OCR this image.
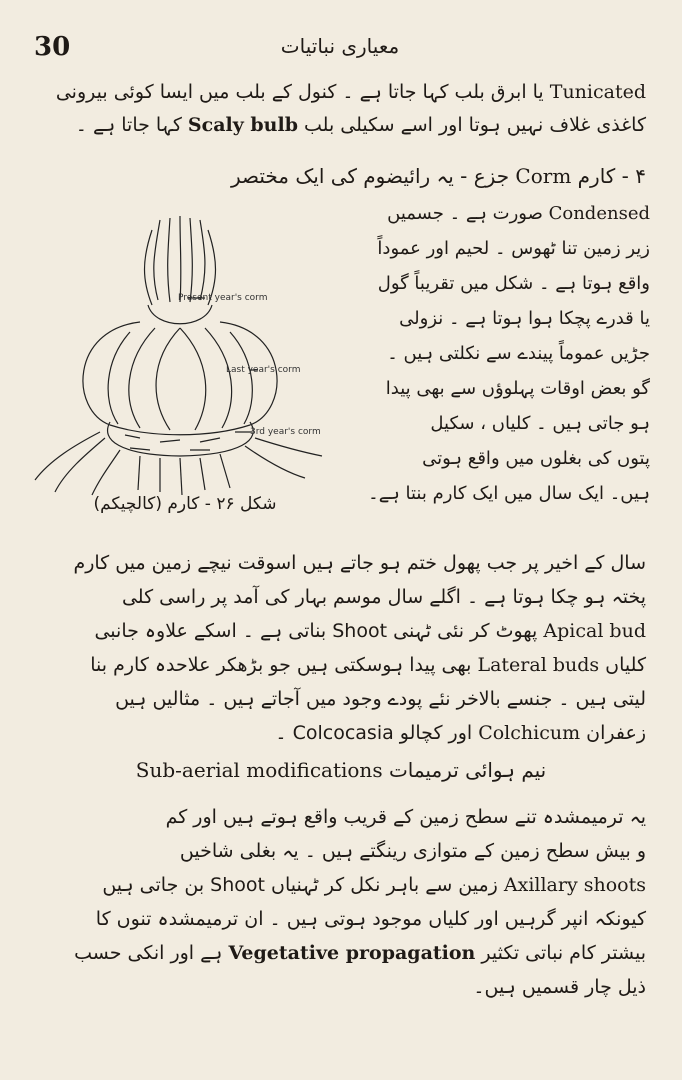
30	معیاری نباتیات

Tunicated یا ابرق بلب کہا جاتا ہے ۔ کنول کے بلب میں ایسا کوئی بیرونی

کاغذی غلاف نہیں ہوتا اور اسے سکیلی بلب Scaly bulb کہا جاتا ہے ۔

۴ - کارم Corm جزع - یہ رائیضوم کی ایک مختصر

Condensed صورت ہے ۔ جسمیں

زیر زمین تنا ٹھوس ۔ لحیم اور عموداً

واقع ہوتا ہے ۔ شکل میں تقریباً گول

یا قدرے پچکا ہوا ہوتا ہے ۔ نزولی

جڑیں عموماً پیندے سے نکلتی ہیں ۔

گو بعض اوقات پہلوؤں سے بھی پیدا

ہو جاتی ہیں ۔ کلیاں ، سکیل

پتوں کی بغلوں میں واقع ہوتی

ہیں۔ ایک سال میں ایک کارم بنتا ہے۔

Present year's corm
Last year's corm
3rd year's corm
شکل ۲۶ - کارم (کالچیکم)

سال کے اخیر پر جب پھول ختم ہو جاتے ہیں اسوقت نیچے زمین میں کارم

پختہ ہو چکا ہوتا ہے ۔ اگلے سال موسم بہار کی آمد پر راسی کلی

Apical bud پھوٹ کر نئی ٹہنی Shoot بناتی ہے ۔ اسکے علاوہ جانبی

کلیاں Lateral buds بھی پیدا ہوسکتی ہیں جو بڑھکر علاحدہ کارم بنا

لیتی ہیں ۔ جنسے بالاخر نئے پودے وجود میں آجاتے ہیں ۔ مثالیں ہیں

زعفران Colchicum اور کچالو Colcocasia ۔

نیم ہوائی ترمیمات Sub-aerial modifications

یہ ترمیمشدہ تنے سطح زمین کے قریب واقع ہوتے ہیں اور کم

و بیش سطح زمین کے متوازی رینگتے ہیں ۔ یہ بغلی شاخیں

Axillary shoots زمین سے باہر نکل کر ٹہنیاں Shoot بن جاتی ہیں

کیونکہ انپر گرہیں اور کلیاں موجود ہوتی ہیں ۔ ان ترمیمشدہ تنوں کا

بیشتر کام نباتی تکثیر Vegetative propagation ہے اور انکی حسب

ذیل چار قسمیں ہیں۔
